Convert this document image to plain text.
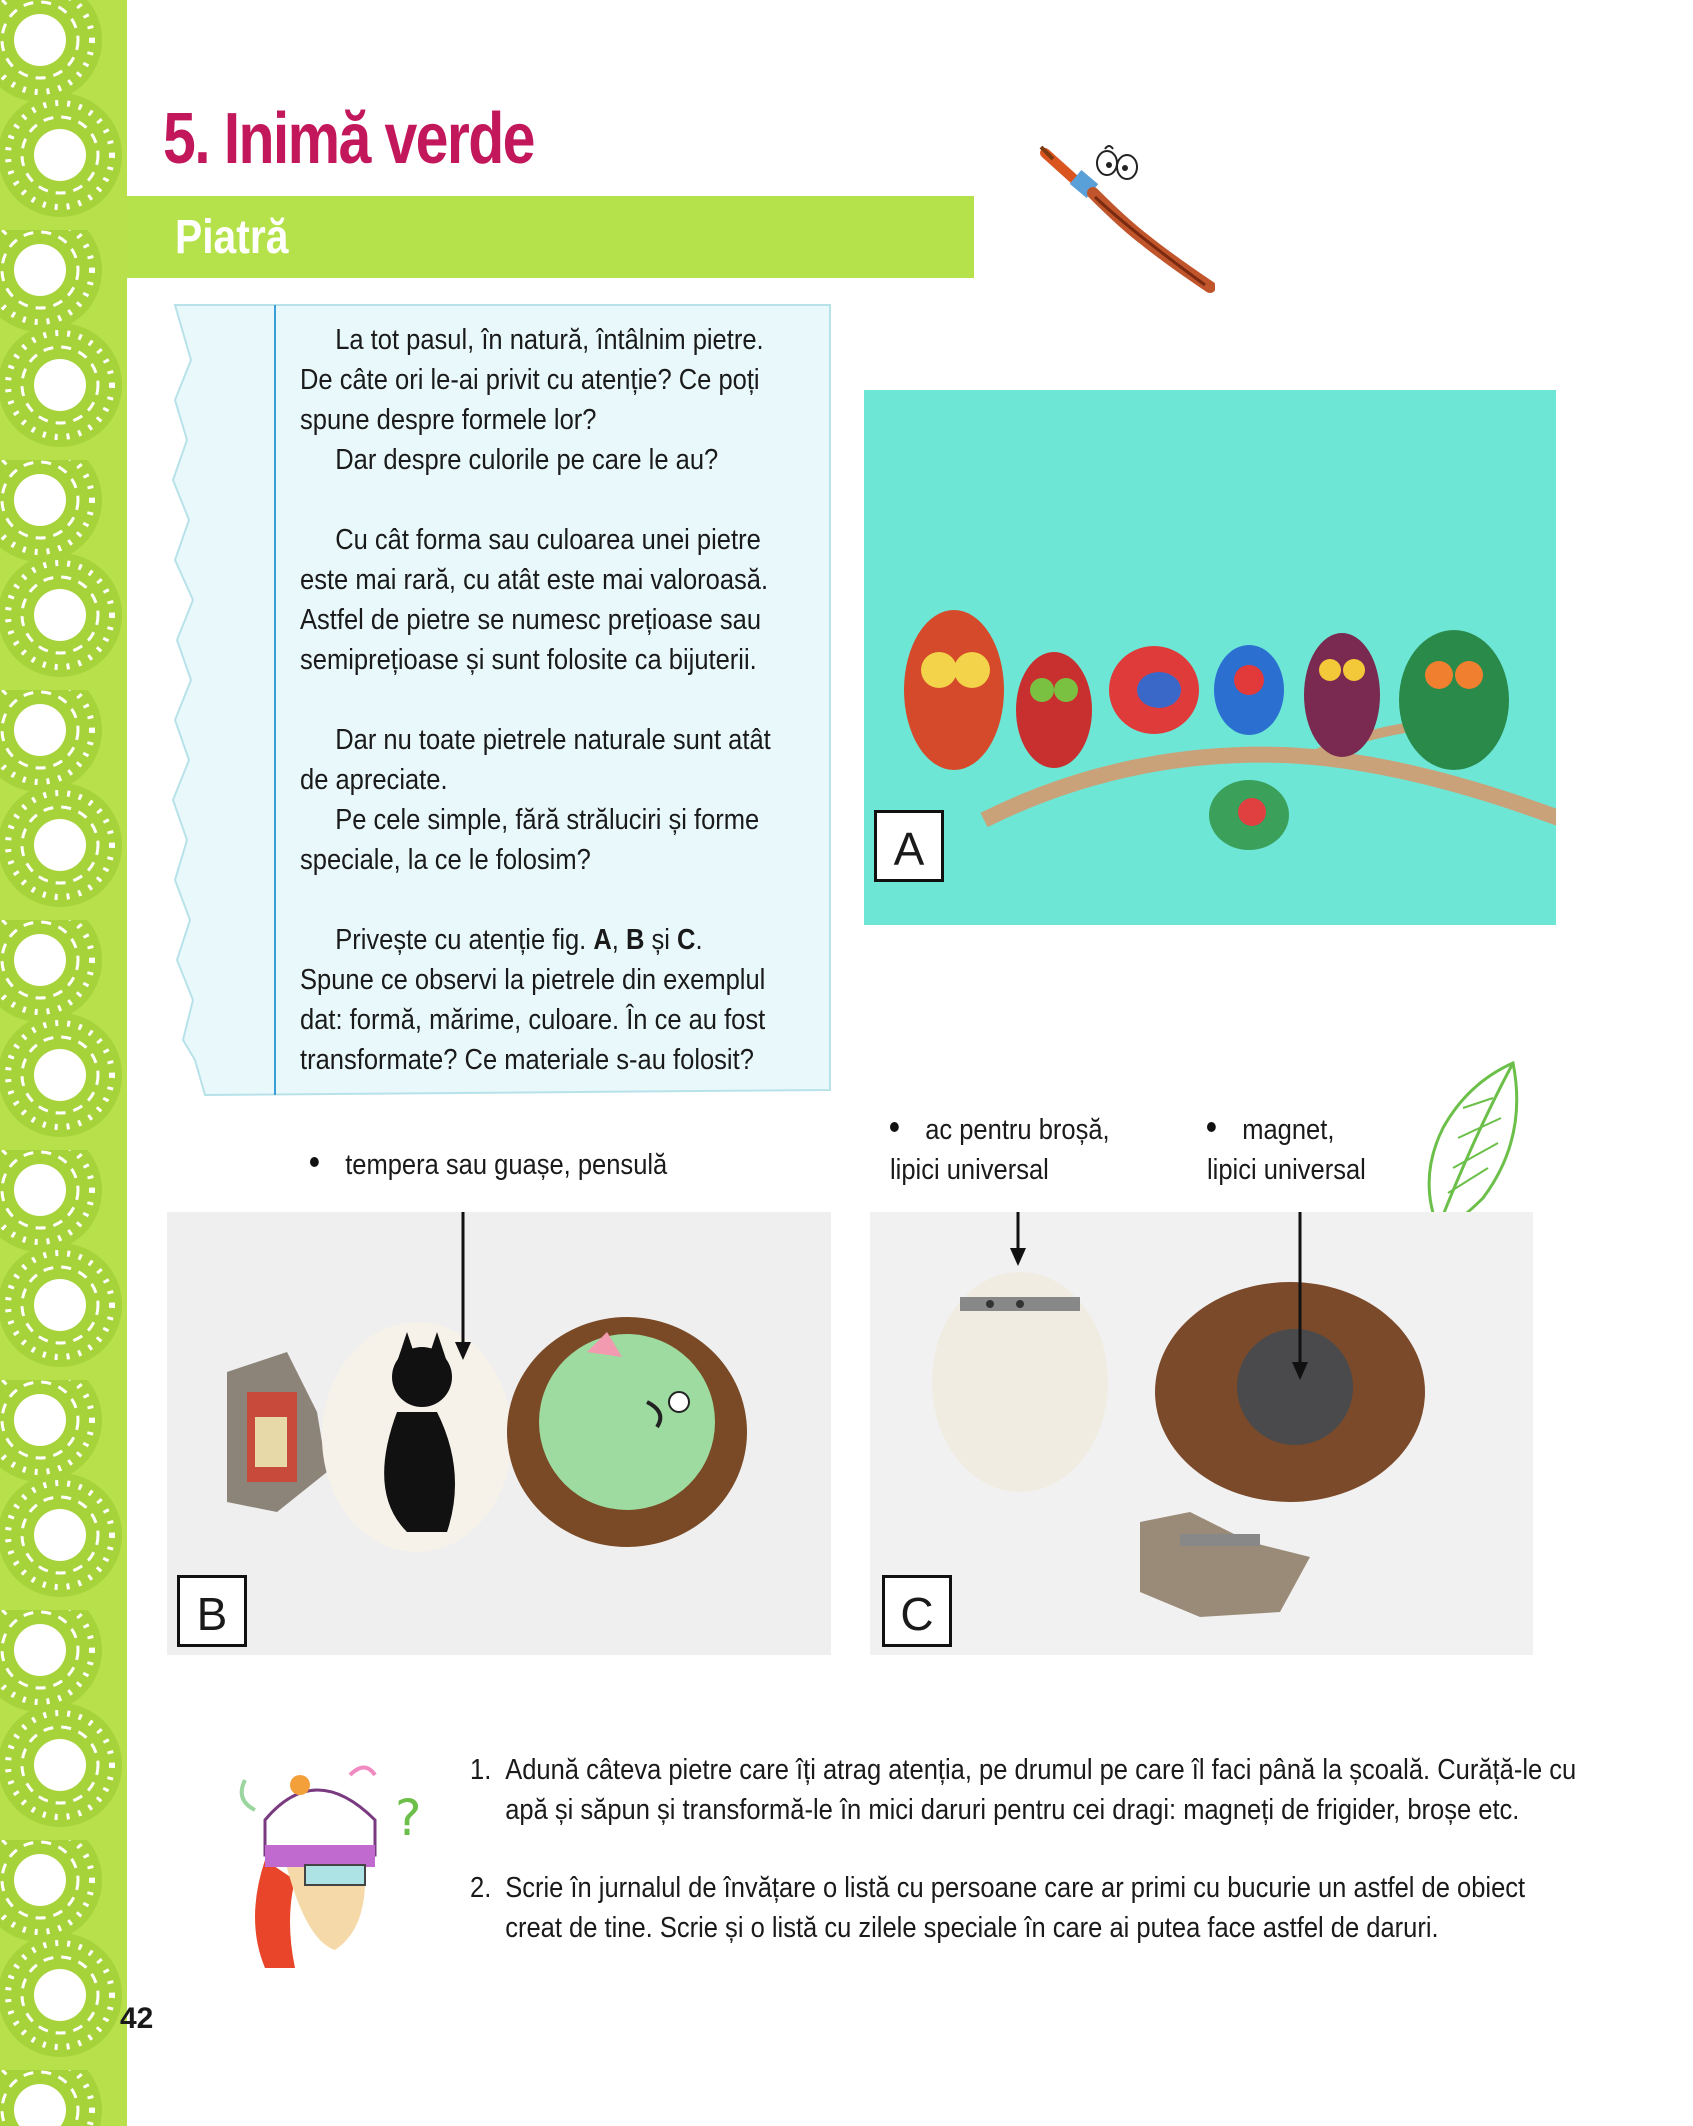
5. Inimă verde
Piatră

La tot pasul, în natură, întâlnim pietre.
De câte ori le-ai privit cu atenție? Ce poți
spune despre formele lor?
Dar despre culorile pe care le au?

Cu cât forma sau culoarea unei pietre
este mai rară, cu atât este mai valoroasă.
Astfel de pietre se numesc prețioase sau
semiprețioase și sunt folosite ca bijuterii.

Dar nu toate pietrele naturale sunt atât
de apreciate.
Pe cele simple, fără străluciri și forme
speciale, la ce le folosim?

Privește cu atenție fig. A, B și C. Spune ce observi la pietrele din exemplul dat: formă, mărime, culoare. În ce au fost transformate? Ce materiale s-au folosit?

A
tempera sau guașe, pensulă
ac pentru broșă,
lipici universal
magnet,
lipici universal
B	C
?
1. Adună câteva pietre care îți atrag atenția, pe drumul pe care îl faci până la școală. Curăță-le cu apă și săpun și transformă-le în mici daruri pentru cei dragi: magneți de frigider, broșe etc.
2. Scrie în jurnalul de învățare o listă cu persoane care ar primi cu bucurie un astfel de obiect creat de tine. Scrie și o listă cu zilele speciale în care ai putea face astfel de daruri.
42
